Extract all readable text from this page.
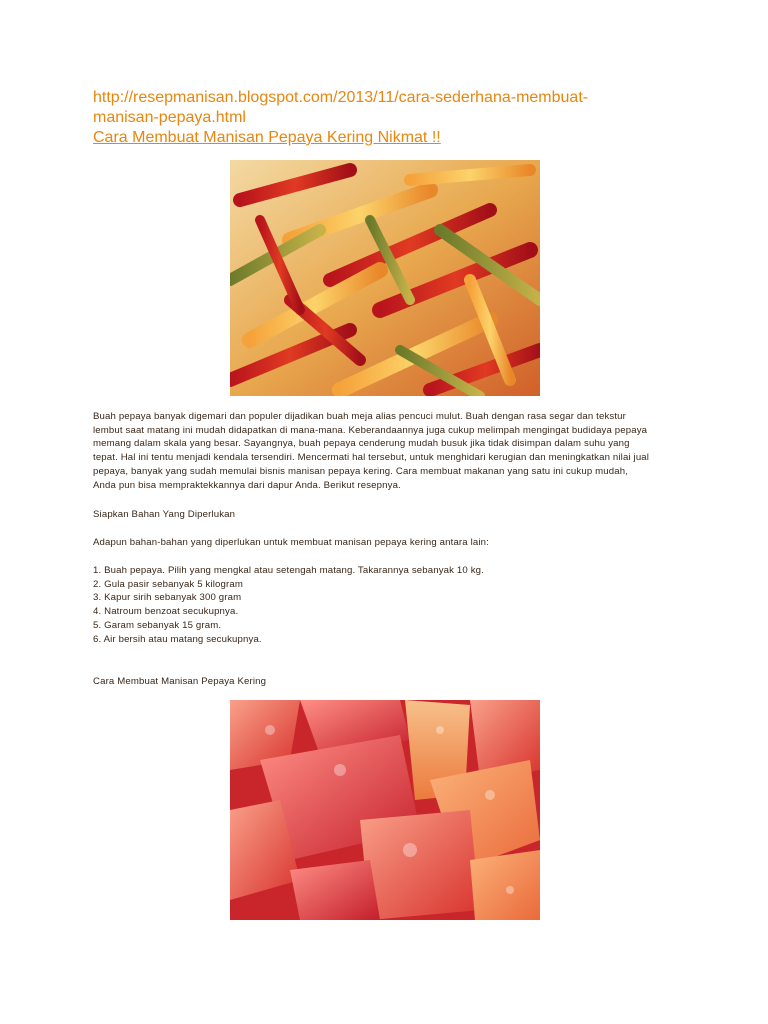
http://resepmanisan.blogspot.com/2013/11/cara-sederhana-membuat-
manisan-pepaya.html
Cara Membuat Manisan Pepaya Kering Nikmat !!
Buah pepaya banyak digemari dan populer dijadikan buah meja alias pencuci mulut. Buah dengan rasa segar dan tekstur
lembut saat matang ini mudah didapatkan di mana-mana. Keberandaannya juga cukup melimpah mengingat budidaya pepaya
memang dalam skala yang besar. Sayangnya, buah pepaya cenderung mudah busuk jika tidak disimpan dalam suhu yang
tepat. Hal ini tentu menjadi kendala tersendiri. Mencermati hal tersebut, untuk menghidari kerugian dan meningkatkan nilai jual
pepaya, banyak yang sudah memulai bisnis manisan pepaya kering. Cara membuat makanan yang satu ini cukup mudah,
Anda pun bisa mempraktekkannya dari dapur Anda. Berikut resepnya.
Siapkan Bahan Yang Diperlukan
Adapun bahan-bahan yang diperlukan untuk membuat manisan pepaya kering antara lain:
1. Buah pepaya. Pilih yang mengkal atau setengah matang. Takarannya sebanyak 10 kg.
2. Gula pasir sebanyak 5 kilogram
3. Kapur sirih sebanyak 300 gram
4. Natroum benzoat secukupnya.
5. Garam sebanyak 15 gram.
6. Air bersih atau matang secukupnya.
Cara Membuat Manisan Pepaya Kering
